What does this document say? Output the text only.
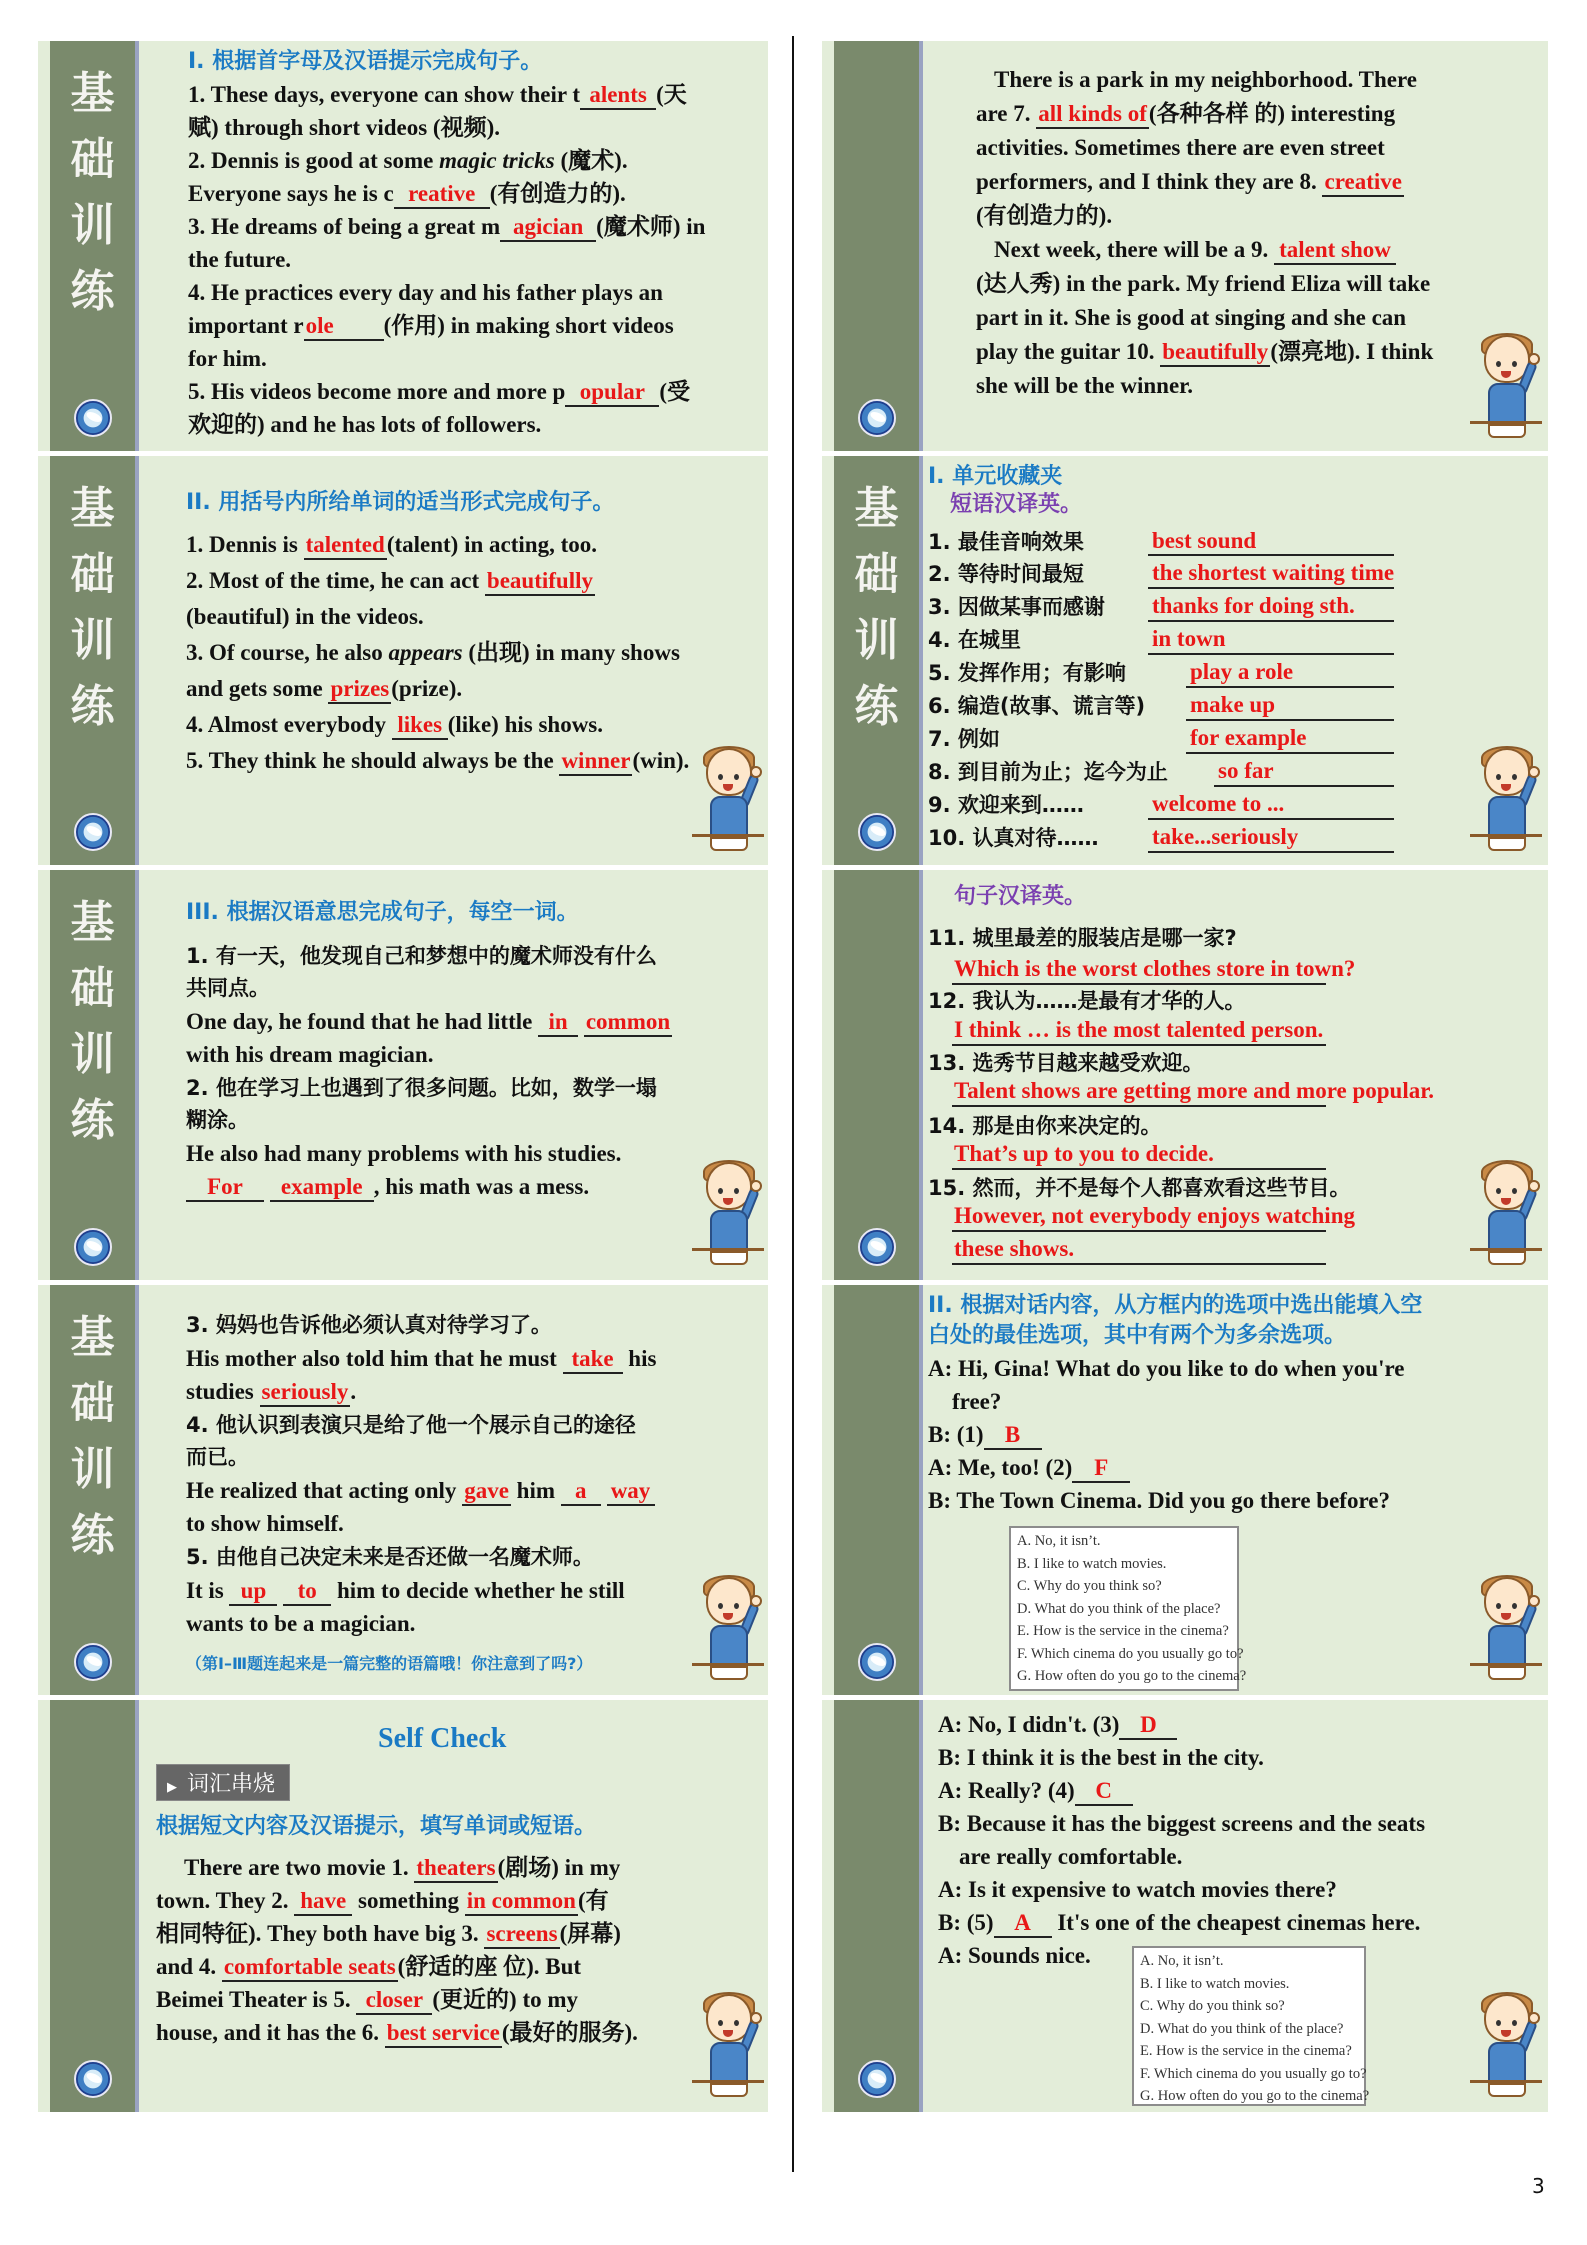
3
基
础
训
练
I. 根据首字母及汉语提示完成句子。
1. These days, everyone can show their t alents (天
赋) through short videos (视频).
2. Dennis is good at some magic tricks (魔术).
Everyone says he is c reative (有创造力的).
3. He dreams of being a great m agician (魔术师) in
the future.
4. He practices every day and his father plays an
important role (作用) in making short videos
for him.
5. His videos become more and more p opular (受
欢迎的) and he has lots of followers.
There is a park in my neighborhood. There
are 7. all kinds of(各种各样 的) interesting
activities. Sometimes there are even street
performers, and I think they are 8. creative
(有创造力的).
Next week, there will be a 9. talent show
(达人秀) in the park. My friend Eliza will take
part in it. She is good at singing and she can
play the guitar 10. beautifully(漂亮地). I think
she will be the winner.
基
础
训
练
II. 用括号内所给单词的适当形式完成句子。
1. Dennis is talented(talent) in acting, too.
2. Most of the time, he can act beautifully
(beautiful) in the videos.
3. Of course, he also appears (出现) in many shows
and gets some prizes(prize).
4. Almost everybody likes (like) his shows.
5. They think he should always be the winner(win).
基
础
训
练
I. 单元收藏夹
短语汉译英。
1. 最佳音响效果	best sound
2. 等待时间最短	the shortest waiting time
3. 因做某事而感谢 thanks for doing sth.
4. 在城里	in town
5. 发挥作用；有影响	play a role
6. 编造(故事、谎言等) make up
7. 例如	for example
8. 到目前为止；迄今为止 so far
9. 欢迎来到……	welcome to ...
10. 认真对待…… take...seriously
基
础
训
练
III. 根据汉语意思完成句子，每空一词。
1. 有一天，他发现自己和梦想中的魔术师没有什么
共同点。
One day, he found that he had little in common
with his dream magician.
2. 他在学习上也遇到了很多问题。比如，数学一塌
糊涂。
He also had many problems with his studies.
For example , his math was a mess.
句子汉译英。
11. 城里最差的服装店是哪一家?
Which is the worst clothes store in town?
12. 我认为……是最有才华的人。
I think … is the most talented person.
13. 选秀节目越来越受欢迎。
Talent shows are getting more and more popular.
14. 那是由你来决定的。
That’s up to you to decide.
15. 然而，并不是每个人都喜欢看这些节目。
However, not everybody enjoys watching
these shows.
基
础
训
练
3. 妈妈也告诉他必须认真对待学习了。
His mother also told him that he must take his
studies seriously.
4. 他认识到表演只是给了他一个展示自己的途径
而已。
He realized that acting only gave him a way
to show himself.
5. 由他自己决定未来是否还做一名魔术师。
It is up to him to decide whether he still
wants to be a magician.
（第Ⅰ–Ⅲ题连起来是一篇完整的语篇哦！你注意到了吗?）
II. 根据对话内容，从方框内的选项中选出能填入空
白处的最佳选项，其中有两个为多余选项。
A: Hi, Gina! What do you like to do when you're
free?
B: (1) B
A: Me, too! (2) F
B: The Town Cinema. Did you go there before?
A. No, it isn’t.
B. I like to watch movies.
C. Why do you think so?
D. What do you think of the place?
E. How is the service in the cinema?
F. Which cinema do you usually go to?
G. How often do you go to the cinema?
Self Check
▶ 词汇串烧
根据短文内容及汉语提示，填写单词或短语。
There are two movie 1. theaters(剧场) in my
town. They 2. have something in common(有
相同特征). They both have big 3. screens(屏幕)
and 4. comfortable seats(舒适的座 位). But
Beimei Theater is 5. closer (更近的) to my
house, and it has the 6. best service(最好的服务).
A: No, I didn't. (3) D
B: I think it is the best in the city.
A: Really? (4) C
B: Because it has the biggest screens and the seats
are really comfortable.
A: Is it expensive to watch movies there?
B: (5) A It's one of the cheapest cinemas here.
A: Sounds nice.	A. No, it isn’t.
B. I like to watch movies.
C. Why do you think so?
D. What do you think of the place?
E. How is the service in the cinema?
F. Which cinema do you usually go to?
G. How often do you go to the cinema?
